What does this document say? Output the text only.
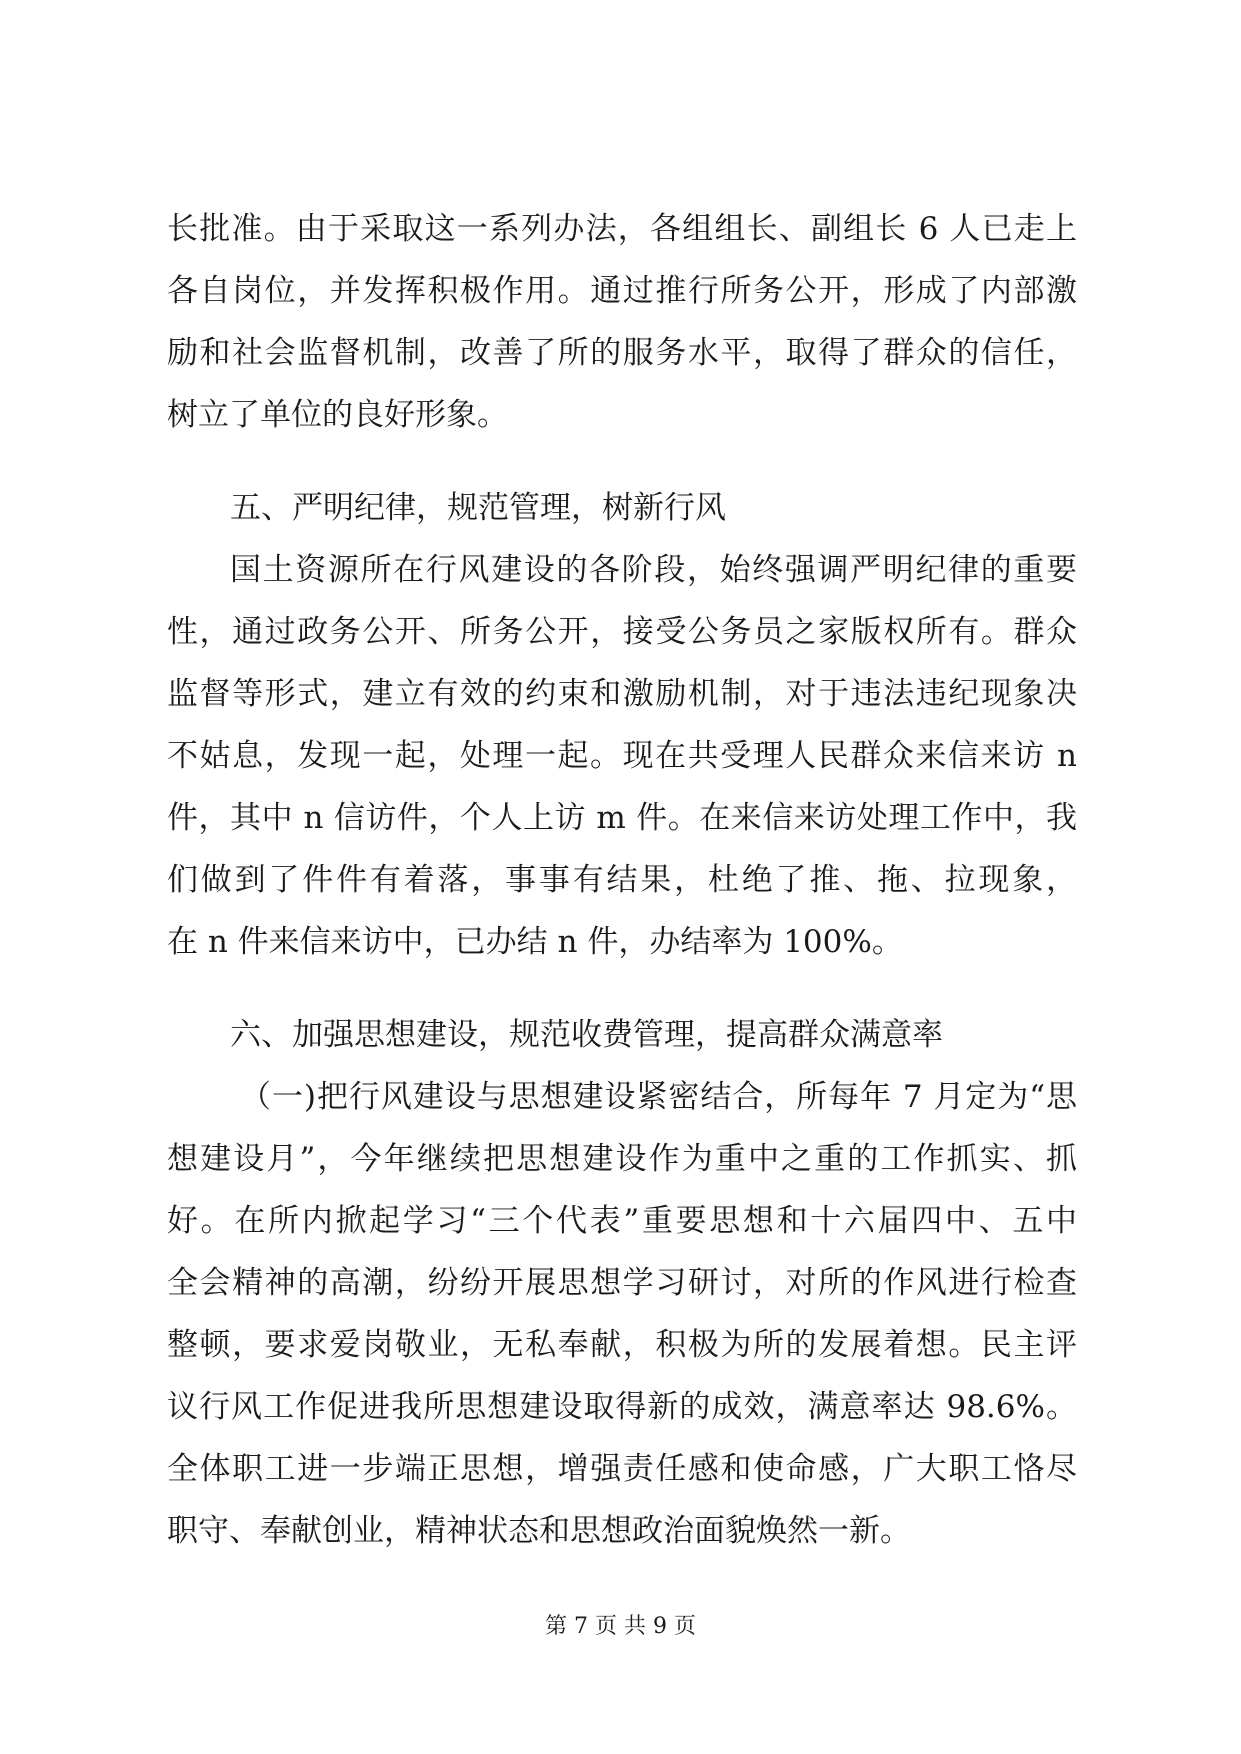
长批准。由于采取这一系列办法，各组组长、副组长 6 人已走上
各自岗位，并发挥积极作用。通过推行所务公开，形成了内部激
励和社会监督机制，改善了所的服务水平，取得了群众的信任，
树立了单位的良好形象。
五、严明纪律，规范管理，树新行风
国土资源所在行风建设的各阶段，始终强调严明纪律的重要
性，通过政务公开、所务公开，接受公务员之家版权所有。群众
监督等形式，建立有效的约束和激励机制，对于违法违纪现象决
不姑息，发现一起，处理一起。现在共受理人民群众来信来访 n
件，其中 n 信访件，个人上访 m 件。在来信来访处理工作中，我
们做到了件件有着落，事事有结果，杜绝了推、拖、拉现象，
在 n 件来信来访中，已办结 n 件，办结率为 100%。
六、加强思想建设，规范收费管理，提高群众满意率
（一)把行风建设与思想建设紧密结合，所每年 7 月定为“思
想建设月”，今年继续把思想建设作为重中之重的工作抓实、抓
好。在所内掀起学习“三个代表”重要思想和十六届四中、五中
全会精神的高潮，纷纷开展思想学习研讨，对所的作风进行检查
整顿，要求爱岗敬业，无私奉献，积极为所的发展着想。民主评
议行风工作促进我所思想建设取得新的成效，满意率达 98.6%。
全体职工进一步端正思想，增强责任感和使命感，广大职工恪尽
职守、奉献创业，精神状态和思想政治面貌焕然一新。
第 7 页 共 9 页
